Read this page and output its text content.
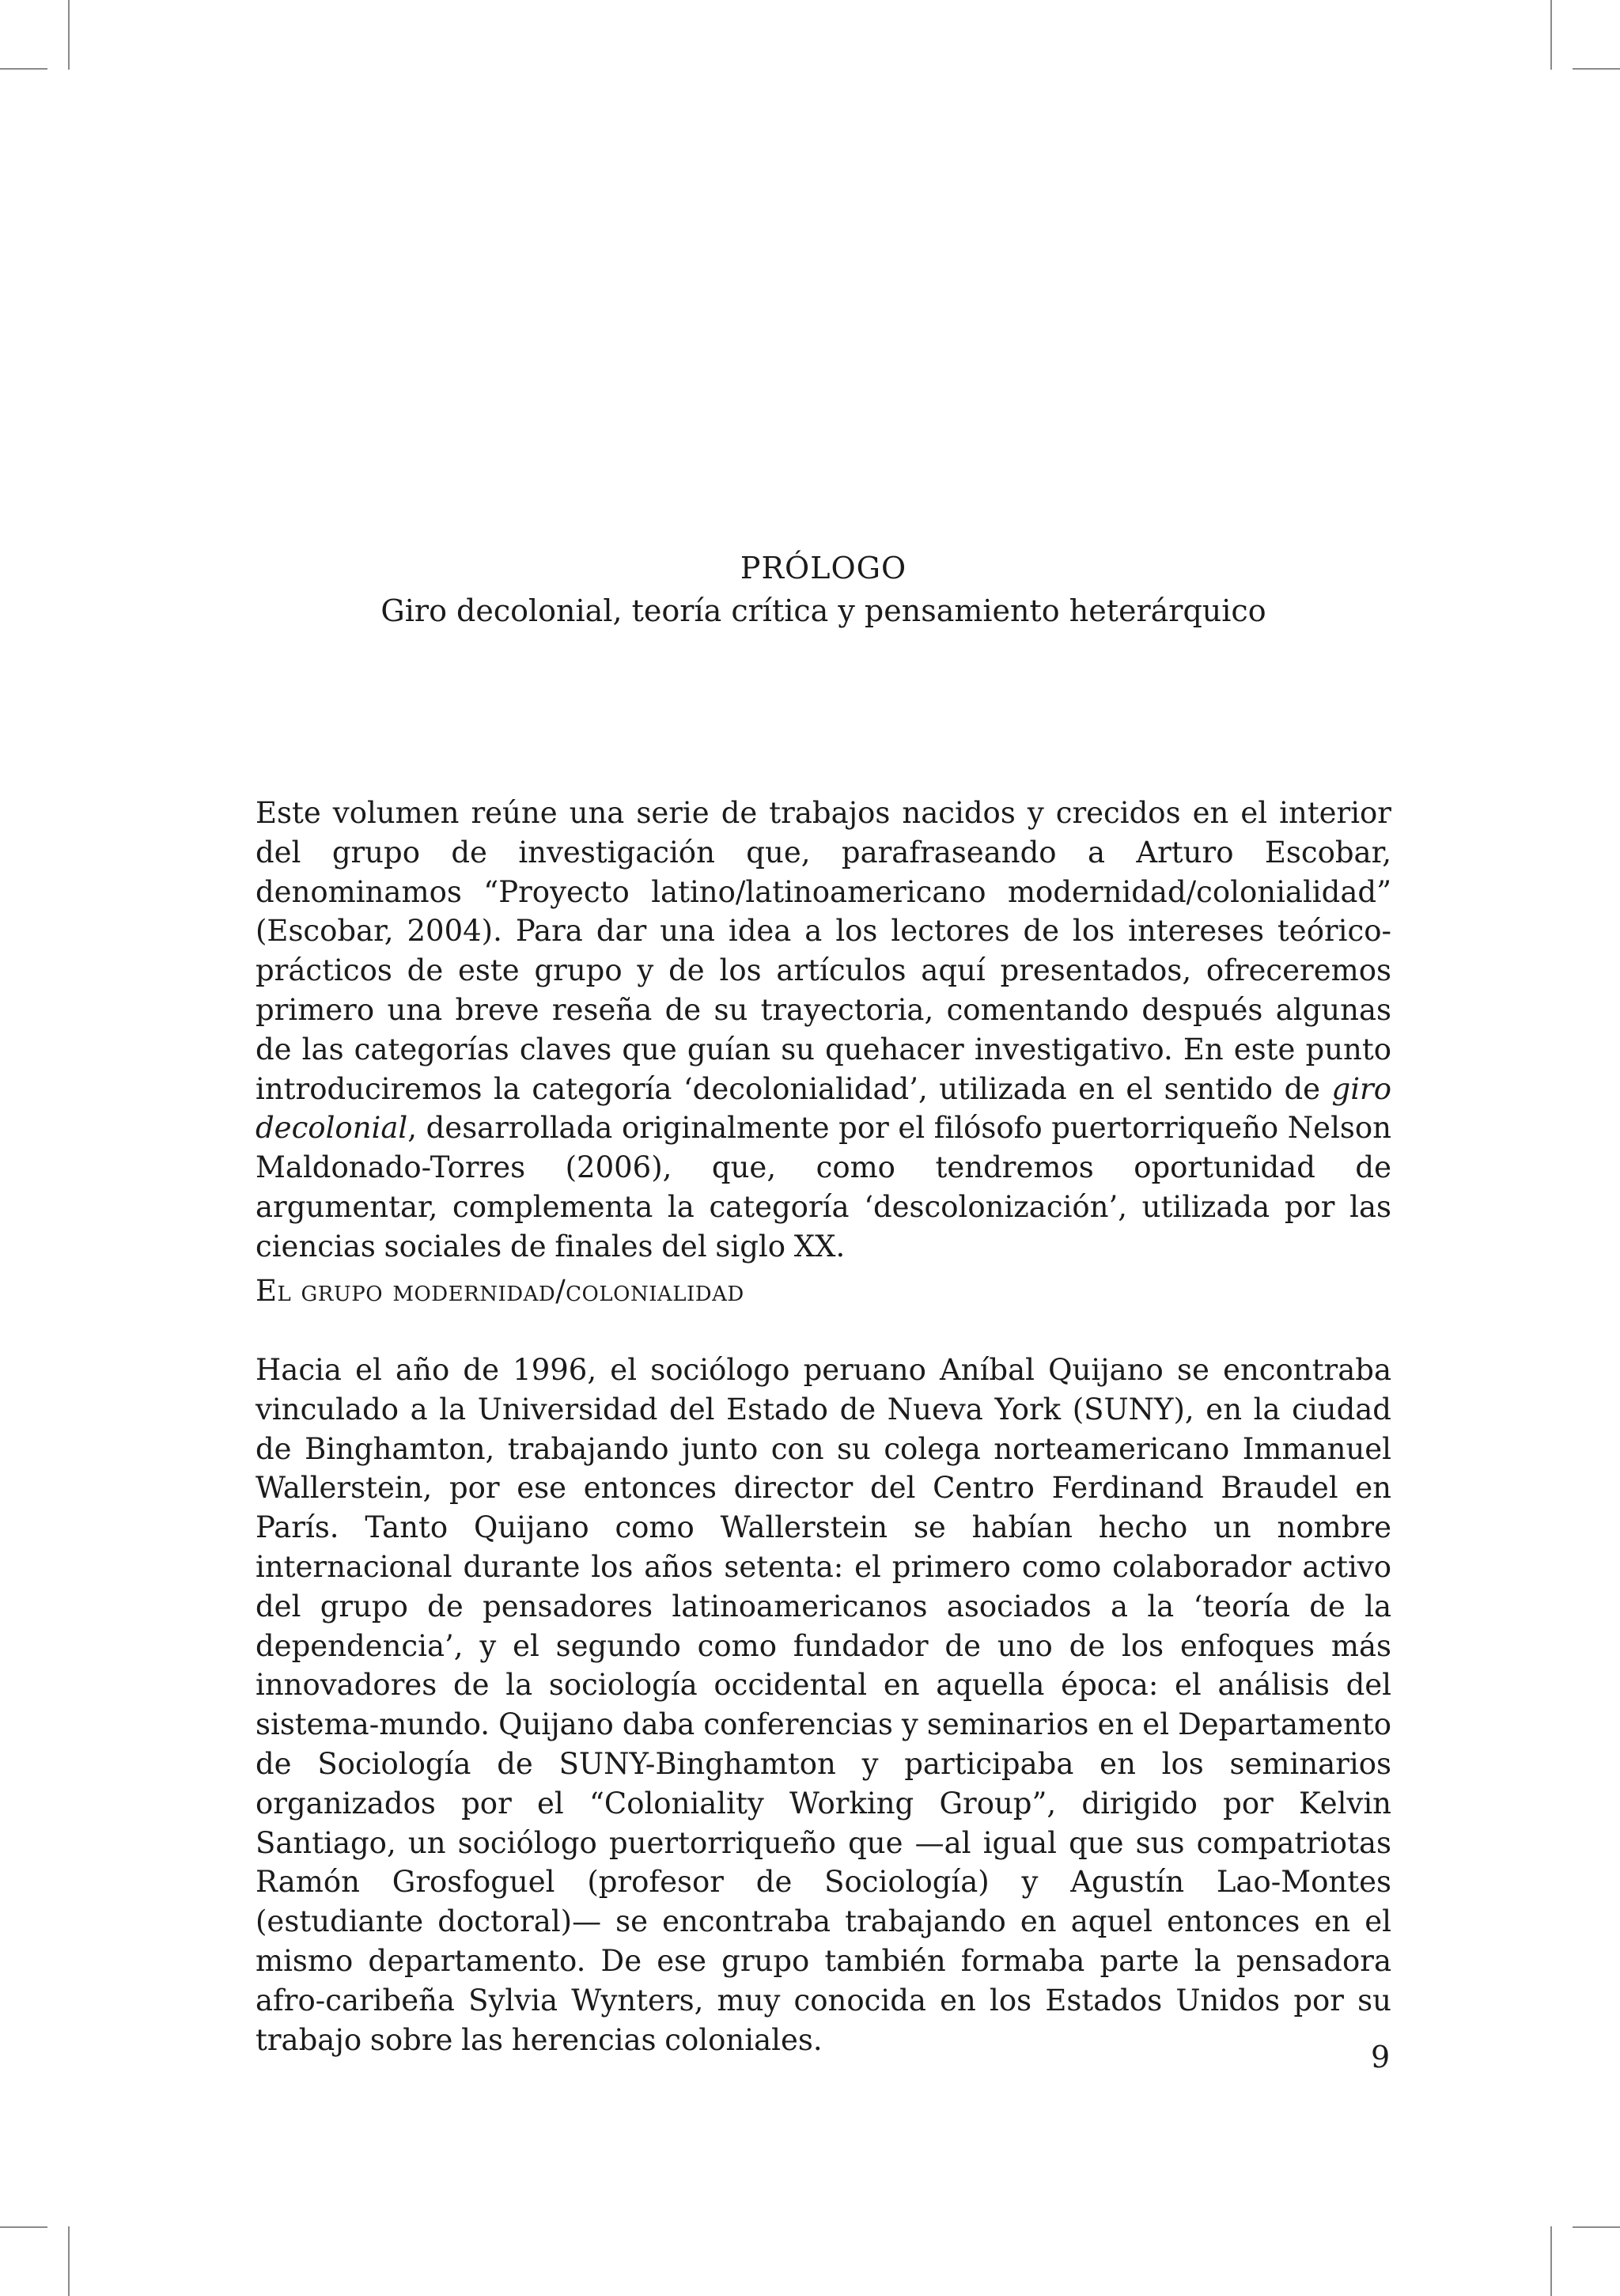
PRÓLOGO
Giro decolonial, teoría crítica y pensamiento heterárquico

Este volumen reúne una serie de trabajos nacidos y crecidos en el interior del grupo de investigación que, parafraseando a Arturo Escobar, denominamos “Proyecto latino/latinoamericano modernidad/colonialidad” (Escobar, 2004). Para dar una idea a los lectores de los intereses teórico-prácticos de este grupo y de los artículos aquí presentados, ofreceremos primero una breve reseña de su trayectoria, comentando después algunas de las categorías claves que guían su quehacer investigativo. En este punto introduciremos la categoría ‘decolonialidad’, utilizada en el sentido de giro decolonial, desarrollada originalmente por el filósofo puertorriqueño Nelson Maldonado-Torres (2006), que, como tendremos oportunidad de argumentar, complementa la categoría ‘descolonización’, utilizada por las ciencias sociales de finales del siglo XX.

El grupo modernidad/colonialidad

Hacia el año de 1996, el sociólogo peruano Aníbal Quijano se encontraba vinculado a la Universidad del Estado de Nueva York (SUNY), en la ciudad de Binghamton, trabajando junto con su colega norteamericano Immanuel Wallerstein, por ese entonces director del Centro Ferdinand Braudel en París. Tanto Quijano como Wallerstein se habían hecho un nombre internacional durante los años setenta: el primero como colaborador activo del grupo de pensadores latinoamericanos asociados a la ‘teoría de la dependencia’, y el segundo como fundador de uno de los enfoques más innovadores de la sociología occidental en aquella época: el análisis del sistema-mundo. Quijano daba conferencias y seminarios en el Departamento de Sociología de SUNY-Binghamton y participaba en los seminarios organizados por el “Coloniality Working Group”, dirigido por Kelvin Santiago, un sociólogo puertorriqueño que —al igual que sus compatriotas Ramón Grosfoguel (profesor de Sociología) y Agustín Lao-Montes (estudiante doctoral)— se encontraba trabajando en aquel entonces en el mismo departamento. De ese grupo también formaba parte la pensadora afro-caribeña Sylvia Wynters, muy conocida en los Estados Unidos por su trabajo sobre las herencias coloniales.	9
